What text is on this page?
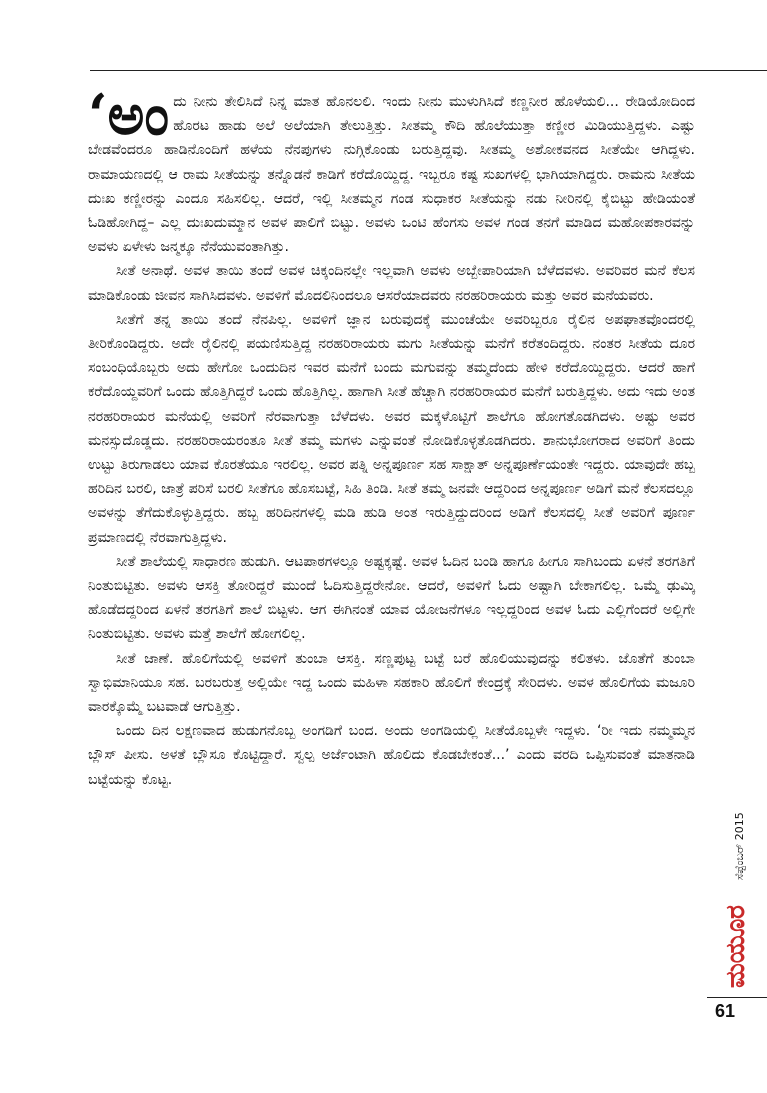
‘ಅಂದು ನೀನು ತೇಲಿಸಿದೆ ನಿನ್ನ ಮಾತ ಹೊನಲಲಿ. ಇಂದು ನೀನು ಮುಳುಗಿಸಿದೆ ಕಣ್ಣನೀರ ಹೊಳೆಯಲಿ... ರೇಡಿಯೋದಿಂದ ಹೊರಟ ಹಾಡು ಅಲೆ ಅಲೆಯಾಗಿ ತೇಲುತ್ತಿತ್ತು. ಸೀತಮ್ಮ ಕೌದಿ ಹೊಲೆಯುತ್ತಾ ಕಣ್ಣೀರ ಮಿಡಿಯುತ್ತಿದ್ದಳು. ಎಷ್ಟು ಬೇಡವೆಂದರೂ ಹಾಡಿನೊಂದಿಗೆ ಹಳೆಯ ನೆನಪುಗಳು ನುಗ್ಗಿಕೊಂಡು ಬರುತ್ತಿದ್ದವು. ಸೀತಮ್ಮ ಅಶೋಕವನದ ಸೀತೆಯೇ ಆಗಿದ್ದಳು. ರಾಮಾಯಣದಲ್ಲಿ ಆ ರಾಮ ಸೀತೆಯನ್ನು ತನ್ನೊಡನೆ ಕಾಡಿಗೆ ಕರೆದೊಯ್ದಿದ್ದ. ಇಬ್ಬರೂ ಕಷ್ಟ ಸುಖಗಳಲ್ಲಿ ಭಾಗಿಯಾಗಿದ್ದರು. ರಾಮನು ಸೀತೆಯ ದುಃಖ ಕಣ್ಣೀರನ್ನು ಎಂದೂ ಸಹಿಸಲಿಲ್ಲ. ಆದರೆ, ಇಲ್ಲಿ ಸೀತಮ್ಮನ ಗಂಡ ಸುಧಾಕರ ಸೀತೆಯನ್ನು ನಡು ನೀರಿನಲ್ಲಿ ಕೈಬಿಟ್ಟು ಹೇಡಿಯಂತೆ ಓಡಿಹೋಗಿದ್ದ– ಎಲ್ಲ ದುಃಖದುಮ್ಮಾನ ಅವಳ ಪಾಲಿಗೆ ಬಿಟ್ಟು. ಅವಳು ಒಂಟಿ ಹೆಂಗಸು ಅವಳ ಗಂಡ ತನಗೆ ಮಾಡಿದ ಮಹೋಪಕಾರವನ್ನು ಅವಳು ಏಳೇಳು ಜನ್ಮಕ್ಕೂ ನೆನೆಯುವಂತಾಗಿತ್ತು.

ಸೀತೆ ಅನಾಥೆ. ಅವಳ ತಾಯಿ ತಂದೆ ಅವಳ ಚಿಕ್ಕಂದಿನಲ್ಲೇ ಇಲ್ಲವಾಗಿ ಅವಳು ಅಬ್ಬೇಪಾರಿಯಾಗಿ ಬೆಳೆದವಳು. ಅವರಿವರ ಮನೆ ಕೆಲಸ ಮಾಡಿಕೊಂಡು ಜೀವನ ಸಾಗಿಸಿದವಳು. ಅವಳಿಗೆ ಮೊದಲಿನಿಂದಲೂ ಆಸರೆಯಾದವರು ನರಹರಿರಾಯರು ಮತ್ತು ಅವರ ಮನೆಯವರು.

ಸೀತೆಗೆ ತನ್ನ ತಾಯಿ ತಂದೆ ನೆನಪಿಲ್ಲ. ಅವಳಿಗೆ ಜ್ಞಾನ ಬರುವುದಕ್ಕೆ ಮುಂಚೆಯೇ ಅವರಿಬ್ಬರೂ ರೈಲಿನ ಅಪಘಾತವೊಂದರಲ್ಲಿ ತೀರಿಕೊಂಡಿದ್ದರು. ಅದೇ ರೈಲಿನಲ್ಲಿ ಪಯಣಿಸುತ್ತಿದ್ದ ನರಹರಿರಾಯರು ಮಗು ಸೀತೆಯನ್ನು ಮನೆಗೆ ಕರೆತಂದಿದ್ದರು. ನಂತರ ಸೀತೆಯ ದೂರ ಸಂಬಂಧಿಯೊಬ್ಬರು ಅದು ಹೇಗೋ ಒಂದುದಿನ ಇವರ ಮನೆಗೆ ಬಂದು ಮಗುವನ್ನು ತಮ್ಮದೆಂದು ಹೇಳಿ ಕರೆದೊಯ್ದಿದ್ದರು. ಆದರೆ ಹಾಗೆ ಕರೆದೊಯ್ದವರಿಗೆ ಒಂದು ಹೊತ್ತಿಗಿದ್ದರೆ ಒಂದು ಹೊತ್ತಿಗಿಲ್ಲ. ಹಾಗಾಗಿ ಸೀತೆ ಹೆಚ್ಚಾಗಿ ನರಹರಿರಾಯರ ಮನೆಗೆ ಬರುತ್ತಿದ್ದಳು. ಅದು ಇದು ಅಂತ ನರಹರಿರಾಯರ ಮನೆಯಲ್ಲಿ ಅವರಿಗೆ ನೆರವಾಗುತ್ತಾ ಬೆಳೆದಳು. ಅವರ ಮಕ್ಕಳೊಟ್ಟಿಗೆ ಶಾಲೆಗೂ ಹೋಗತೊಡಗಿದಳು. ಅಷ್ಟು ಅವರ ಮನಸ್ಸುದೊಡ್ಡದು. ನರಹರಿರಾಯರಂತೂ ಸೀತೆ ತಮ್ಮ ಮಗಳು ಎನ್ನುವಂತೆ ನೋಡಿಕೊಳ್ಳತೊಡಗಿದರು. ಶಾನುಭೋಗರಾದ ಅವರಿಗೆ ತಿಂದು ಉಟ್ಟು ತಿರುಗಾಡಲು ಯಾವ ಕೊರತೆಯೂ ಇರಲಿಲ್ಲ. ಅವರ ಪತ್ನಿ ಅನ್ನಪೂರ್ಣ ಸಹ ಸಾಕ್ಷಾತ್ ಅನ್ನಪೂರ್ಣೆಯಂತೇ ಇದ್ದರು. ಯಾವುದೇ ಹಬ್ಬ ಹರಿದಿನ ಬರಲಿ, ಜಾತ್ರೆ ಪರಿಸೆ ಬರಲಿ ಸೀತೆಗೂ ಹೊಸಬಟ್ಟೆ, ಸಿಹಿ ತಿಂಡಿ. ಸೀತೆ ತಮ್ಮ ಜನವೇ ಆದ್ದರಿಂದ ಅನ್ನಪೂರ್ಣ ಅಡಿಗೆ ಮನೆ ಕೆಲಸದಲ್ಲೂ ಅವಳನ್ನು ತೆಗೆದುಕೊಳ್ಳುತ್ತಿದ್ದರು. ಹಬ್ಬ ಹರಿದಿನಗಳಲ್ಲಿ ಮಡಿ ಹುಡಿ ಅಂತ ಇರುತ್ತಿದ್ದುದರಿಂದ ಅಡಿಗೆ ಕೆಲಸದಲ್ಲಿ ಸೀತೆ ಅವರಿಗೆ ಪೂರ್ಣ ಪ್ರಮಾಣದಲ್ಲಿ ನೆರವಾಗುತ್ತಿದ್ದಳು.

ಸೀತೆ ಶಾಲೆಯಲ್ಲಿ ಸಾಧಾರಣ ಹುಡುಗಿ. ಆಟಪಾಠಗಳಲ್ಲೂ ಅಷ್ಟಕ್ಕಷ್ಟೆ. ಅವಳ ಓದಿನ ಬಂಡಿ ಹಾಗೂ ಹೀಗೂ ಸಾಗಿಬಂದು ಏಳನೆ ತರಗತಿಗೆ ನಿಂತುಬಿಟ್ಟಿತು. ಅವಳು ಆಸಕ್ತಿ ತೋರಿದ್ದರೆ ಮುಂದೆ ಓದಿಸುತ್ತಿದ್ದರೇನೋ. ಆದರೆ, ಅವಳಿಗೆ ಓದು ಅಷ್ಟಾಗಿ ಬೇಕಾಗಲಿಲ್ಲ. ಒಮ್ಮೆ ಢುಮ್ಕಿ ಹೊಡೆದದ್ದರಿಂದ ಏಳನೆ ತರಗತಿಗೆ ಶಾಲೆ ಬಿಟ್ಟಳು. ಆಗ ಈಗಿನಂತೆ ಯಾವ ಯೋಜನೆಗಳೂ ಇಲ್ಲದ್ದರಿಂದ ಅವಳ ಓದು ಎಲ್ಲಿಗೆಂದರೆ ಅಲ್ಲಿಗೇ ನಿಂತುಬಿಟ್ಟಿತು. ಅವಳು ಮತ್ತೆ ಶಾಲೆಗೆ ಹೋಗಲಿಲ್ಲ.

ಸೀತೆ ಜಾಣೆ. ಹೊಲಿಗೆಯಲ್ಲಿ ಅವಳಿಗೆ ತುಂಬಾ ಆಸಕ್ತಿ. ಸಣ್ಣಪುಟ್ಟ ಬಟ್ಟೆ ಬರೆ ಹೊಲಿಯುವುದನ್ನು ಕಲಿತಳು. ಜೊತೆಗೆ ತುಂಬಾ ಸ್ವಾಭಿಮಾನಿಯೂ ಸಹ. ಬರಬರುತ್ತ ಅಲ್ಲಿಯೇ ಇದ್ದ ಒಂದು ಮಹಿಳಾ ಸಹಕಾರಿ ಹೊಲಿಗೆ ಕೇಂದ್ರಕ್ಕೆ ಸೇರಿದಳು. ಅವಳ ಹೊಲಿಗೆಯ ಮಜೂರಿ ವಾರಕ್ಕೊಮ್ಮೆ ಬಟವಾಡೆ ಆಗುತ್ತಿತ್ತು.

ಒಂದು ದಿನ ಲಕ್ಷಣವಾದ ಹುಡುಗನೊಬ್ಬ ಅಂಗಡಿಗೆ ಬಂದ. ಅಂದು ಅಂಗಡಿಯಲ್ಲಿ ಸೀತೆಯೊಬ್ಬಳೇ ಇದ್ದಳು. ‘ರೀ ಇದು ನಮ್ಮಮ್ಮನ ಬ್ಲೌಸ್ ಪೀಸು. ಅಳತೆ ಬ್ಲೌಸೂ ಕೊಟ್ಟಿದ್ದಾರೆ. ಸ್ವಲ್ಪ ಅರ್ಜೆಂಟಾಗಿ ಹೊಲಿದು ಕೊಡಬೇಕಂತೆ...’ ಎಂದು ವರದಿ ಒಪ್ಪಿಸುವಂತೆ ಮಾತನಾಡಿ ಬಟ್ಟೆಯನ್ನು ಕೊಟ್ಟ.

ಸೆಪ್ಟೆಂಬರ್ 2015
ಮಯೂರ
61
